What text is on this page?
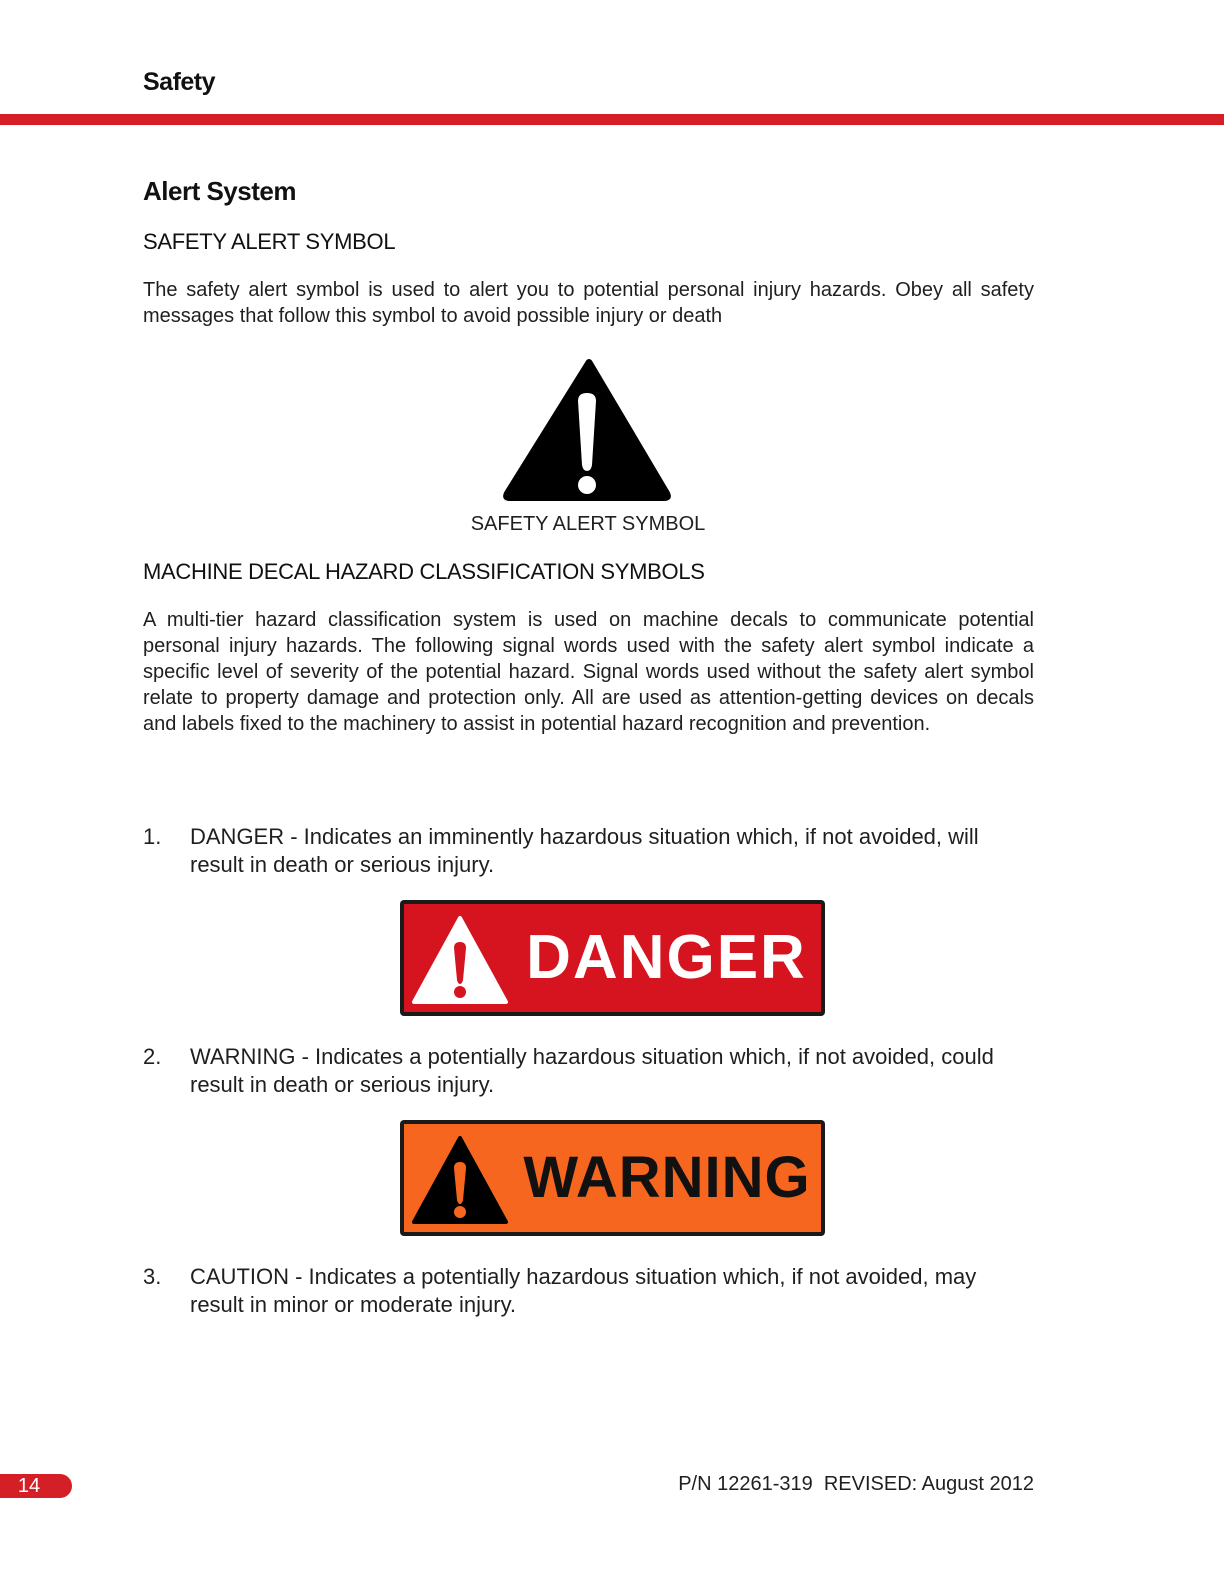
Safety
Alert System
SAFETY ALERT SYMBOL
The safety alert symbol is used to alert you to potential personal injury hazards. Obey all safety messages that follow this symbol to avoid possible injury or death
SAFETY ALERT SYMBOL
MACHINE DECAL HAZARD CLASSIFICATION SYMBOLS
A multi-tier hazard classification system is used on machine decals to communicate potential personal injury hazards. The following signal words used with the safety alert symbol indicate a specific level of severity of the potential hazard. Signal words used without the safety alert symbol relate to property damage and protection only. All are used as attention-getting devices on decals and labels fixed to the machinery to assist in potential hazard recognition and prevention.
1. DANGER - Indicates an imminently hazardous situation which, if not avoided, will result in death or serious injury.
DANGER
2. WARNING - Indicates a potentially hazardous situation which, if not avoided, could result in death or serious injury.
WARNING
3. CAUTION - Indicates a potentially hazardous situation which, if not avoided, may result in minor or moderate injury.
14	P/N 12261-319 REVISED: August 2012
